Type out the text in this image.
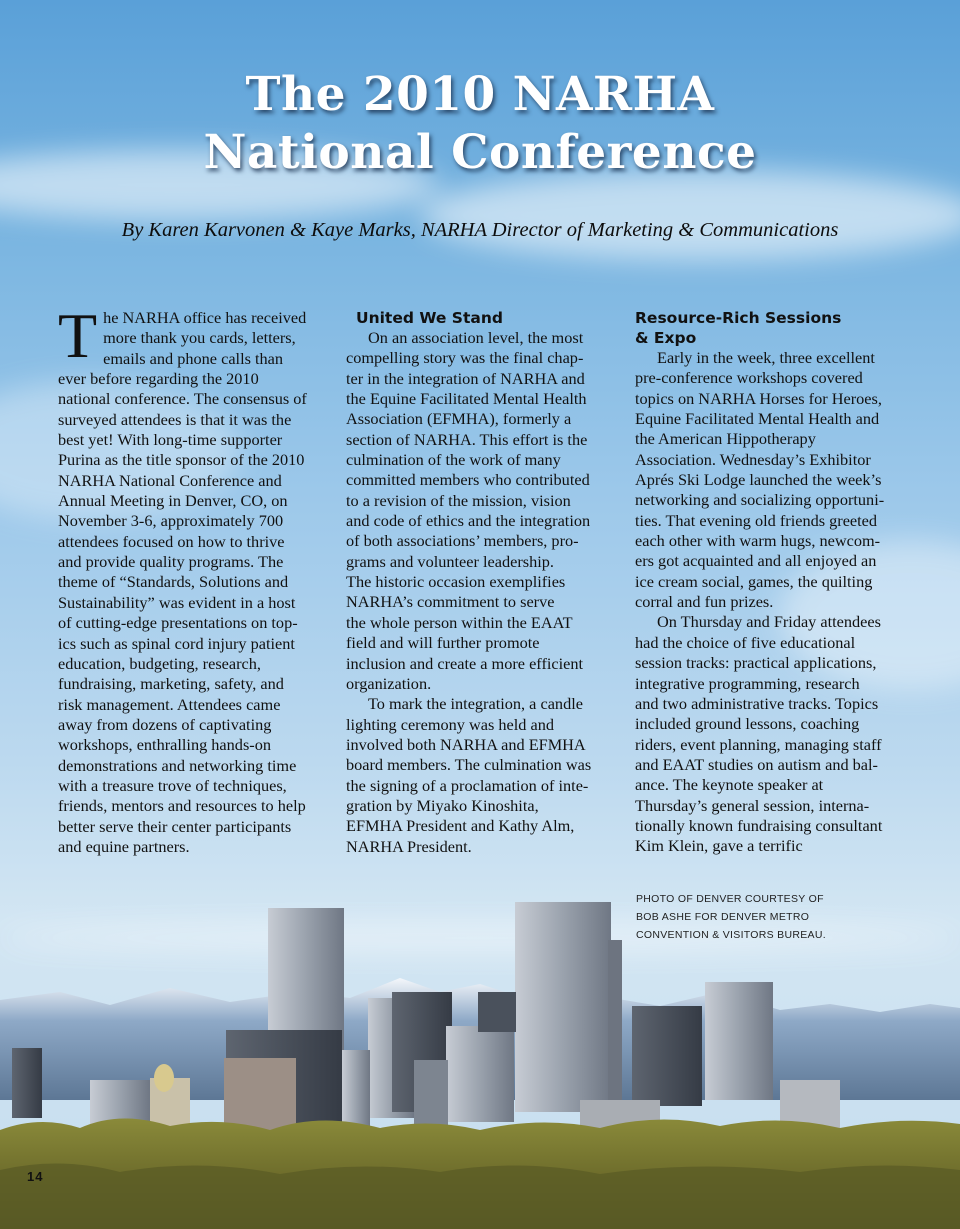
The 2010 NARHA
National Conference
By Karen Karvonen & Kaye Marks, NARHA Director of Marketing & Communications
T he NARHA office has received
more thank you cards, letters,
emails and phone calls than
ever before regarding the 2010
national conference. The consensus of
surveyed attendees is that it was the
best yet! With long-time supporter
Purina as the title sponsor of the 2010
NARHA National Conference and
Annual Meeting in Denver, CO, on
November 3-6, approximately 700
attendees focused on how to thrive
and provide quality programs. The
theme of “Standards, Solutions and
Sustainability” was evident in a host
of cutting-edge presentations on top-
ics such as spinal cord injury patient
education, budgeting, research,
fundraising, marketing, safety, and
risk management. Attendees came
away from dozens of captivating
workshops, enthralling hands-on
demonstrations and networking time
with a treasure trove of techniques,
friends, mentors and resources to help
better serve their center participants
and equine partners.

United We Stand

On an association level, the most
compelling story was the final chap-
ter in the integration of NARHA and
the Equine Facilitated Mental Health
Association (EFMHA), formerly a
section of NARHA. This effort is the
culmination of the work of many
committed members who contributed
to a revision of the mission, vision
and code of ethics and the integration
of both associations’ members, pro-
grams and volunteer leadership.
The historic occasion exemplifies
NARHA’s commitment to serve
the whole person within the EAAT
field and will further promote
inclusion and create a more efficient
organization.

To mark the integration, a candle
lighting ceremony was held and
involved both NARHA and EFMHA
board members. The culmination was
the signing of a proclamation of inte-
gration by Miyako Kinoshita,
EFMHA President and Kathy Alm,
NARHA President.

Resource-Rich Sessions
& Expo

Early in the week, three excellent
pre-conference workshops covered
topics on NARHA Horses for Heroes,
Equine Facilitated Mental Health and
the American Hippotherapy
Association. Wednesday’s Exhibitor
Aprés Ski Lodge launched the week’s
networking and socializing opportuni-
ties. That evening old friends greeted
each other with warm hugs, newcom-
ers got acquainted and all enjoyed an
ice cream social, games, the quilting
corral and fun prizes.

On Thursday and Friday attendees
had the choice of five educational
session tracks: practical applications,
integrative programming, research
and two administrative tracks. Topics
included ground lessons, coaching
riders, event planning, managing staff
and EAAT studies on autism and bal-
ance. The keynote speaker at
Thursday’s general session, interna-
tionally known fundraising consultant
Kim Klein, gave a terrific

PHOTO OF DENVER COURTESY OF
BOB ASHE FOR DENVER METRO
CONVENTION & VISITORS BUREAU.
14
